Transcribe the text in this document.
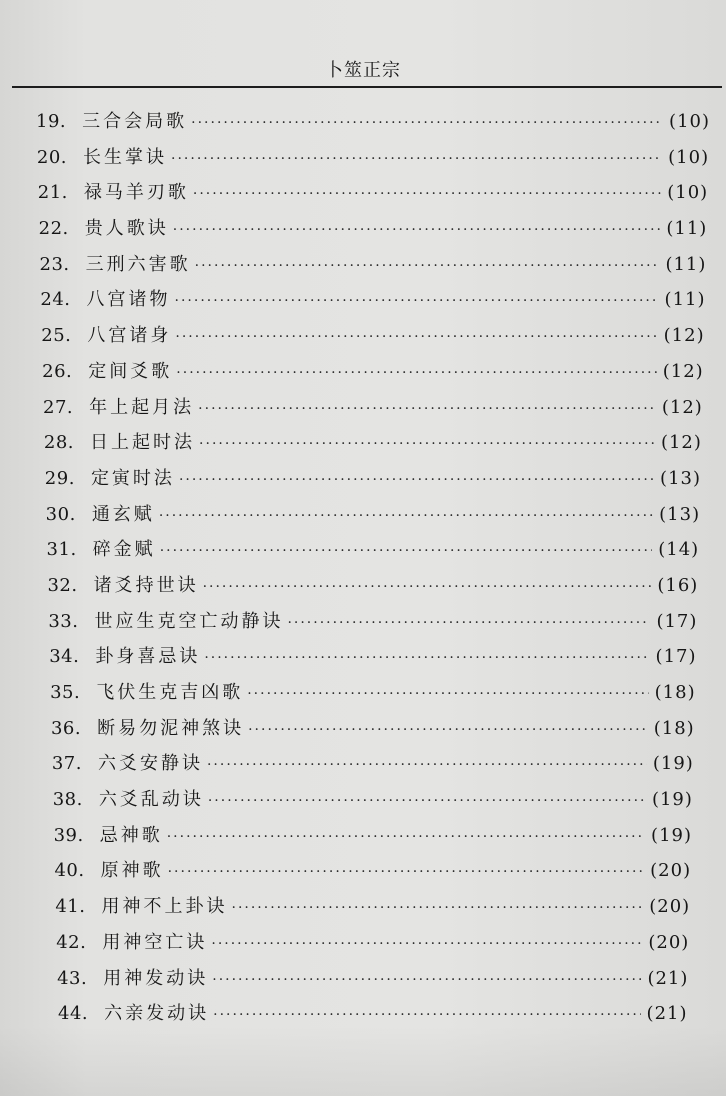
卜筮正宗
19. 三合会局歌 ·····	(10)
20. 长生掌诀 ·····	(10)
21. 禄马羊刃歌 ·····	(10)
22. 贵人歌诀 ·····	(11)
23. 三刑六害歌 ·····	(11)
24. 八宫诸物 ·····	(11)
25. 八宫诸身 ·····	(12)
26. 定间爻歌 ·····	(12)
27. 年上起月法 ·····	(12)
28. 日上起时法 ·····	(12)
29. 定寅时法 ·····	(13)
30. 通玄赋 ·····	(13)
31. 碎金赋 ·····	(14)
32. 诸爻持世诀 ·····	(16)
33. 世应生克空亡动静诀 ·····	(17)
34. 卦身喜忌诀 ·····	(17)
35. 飞伏生克吉凶歌 ·····	(18)
36. 断易勿泥神煞诀 ·····	(18)
37. 六爻安静诀 ·····	(19)
38. 六爻乱动诀 ·····	(19)
39. 忌神歌 ·····	(19)
40. 原神歌 ·····	(20)
41. 用神不上卦诀 ·····	(20)
42. 用神空亡诀 ·····	(20)
43. 用神发动诀 ·····	(21)
44. 六亲发动诀 ·····	(21)
